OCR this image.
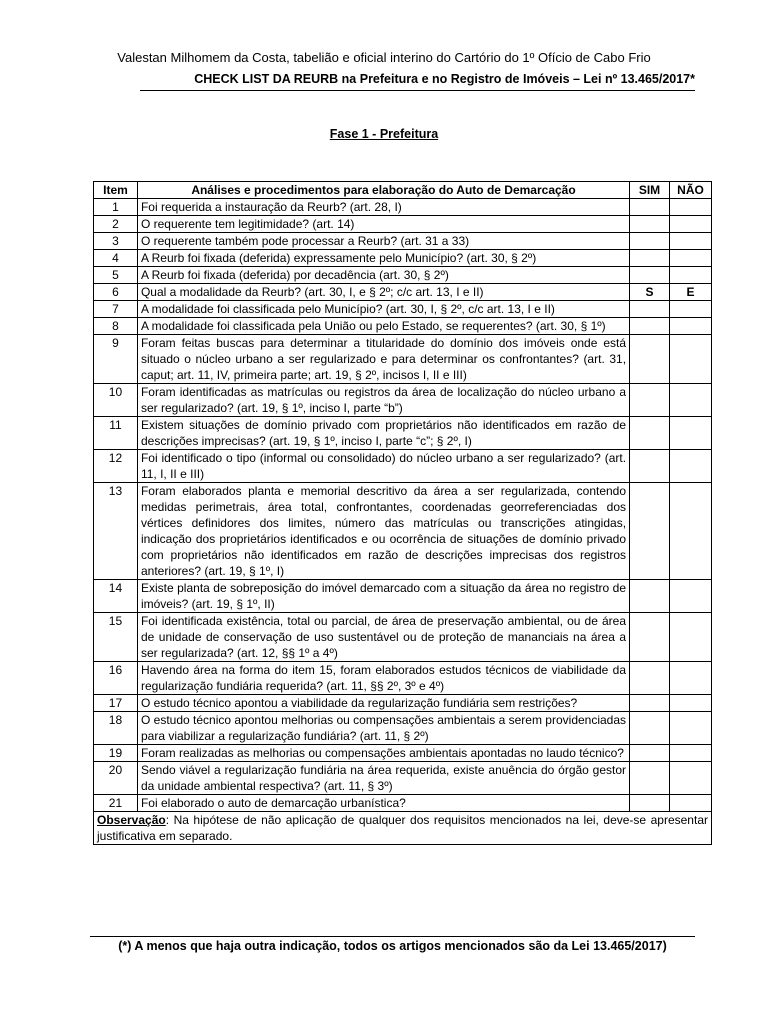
Valestan Milhomem da Costa, tabelião e oficial interino do Cartório do 1º Ofício de Cabo Frio
CHECK LIST DA REURB na Prefeitura e no Registro de Imóveis – Lei nº 13.465/2017*
Fase 1 - Prefeitura
Item	Análises e procedimentos para elaboração do Auto de Demarcação	SIM	NÃO
1	Foi requerida a instauração da Reurb? (art. 28, I)		
2	O requerente tem legitimidade? (art. 14)		
3	O requerente também pode processar a Reurb? (art. 31 a 33)		
4	A Reurb foi fixada (deferida) expressamente pelo Município? (art. 30, § 2º)		
5	A Reurb foi fixada (deferida) por decadência (art. 30, § 2º)		
6	Qual a modalidade da Reurb? (art. 30, I, e § 2º; c/c art. 13, I e II)	S	E
7	A modalidade foi classificada pelo Município? (art. 30, I, § 2º, c/c art. 13, I e II)		
8	A modalidade foi classificada pela União ou pelo Estado, se requerentes? (art. 30, § 1º)		
9	Foram feitas buscas para determinar a titularidade do domínio dos imóveis onde está situado o núcleo urbano a ser regularizado e para determinar os confrontantes? (art. 31, caput; art. 11, IV, primeira parte; art. 19, § 2º, incisos I, II e III)		
10	Foram identificadas as matrículas ou registros da área de localização do núcleo urbano a ser regularizado? (art. 19, § 1º, inciso I, parte “b”)		
11	Existem situações de domínio privado com proprietários não identificados em razão de descrições imprecisas? (art. 19, § 1º, inciso I, parte “c”; § 2º, I)		
12	Foi identificado o tipo (informal ou consolidado) do núcleo urbano a ser regularizado? (art. 11, I, II e III)		
13	Foram elaborados planta e memorial descritivo da área a ser regularizada, contendo medidas perimetrais, área total, confrontantes, coordenadas georreferenciadas dos vértices definidores dos limites, número das matrículas ou transcrições atingidas, indicação dos proprietários identificados e ou ocorrência de situações de domínio privado com proprietários não identificados em razão de descrições imprecisas dos registros anteriores? (art. 19, § 1º, I)		
14	Existe planta de sobreposição do imóvel demarcado com a situação da área no registro de imóveis? (art. 19, § 1º, II)		
15	Foi identificada existência, total ou parcial, de área de preservação ambiental, ou de área de unidade de conservação de uso sustentável ou de proteção de mananciais na área a ser regularizada? (art. 12, §§ 1º a 4º)		
16	Havendo área na forma do item 15, foram elaborados estudos técnicos de viabilidade da regularização fundiária requerida? (art. 11, §§ 2º, 3º e 4º)		
17	O estudo técnico apontou a viabilidade da regularização fundiária sem restrições?		
18	O estudo técnico apontou melhorias ou compensações ambientais a serem providenciadas para viabilizar a regularização fundiária? (art. 11, § 2º)		
19	Foram realizadas as melhorias ou compensações ambientais apontadas no laudo técnico?		
20	Sendo viável a regularização fundiária na área requerida, existe anuência do órgão gestor da unidade ambiental respectiva? (art. 11, § 3º)		
21	Foi elaborado o auto de demarcação urbanística?		
Observação: Na hipótese de não aplicação de qualquer dos requisitos mencionados na lei, deve-se apresentar justificativa em separado.			
(*) A menos que haja outra indicação, todos os artigos mencionados são da Lei 13.465/2017)
